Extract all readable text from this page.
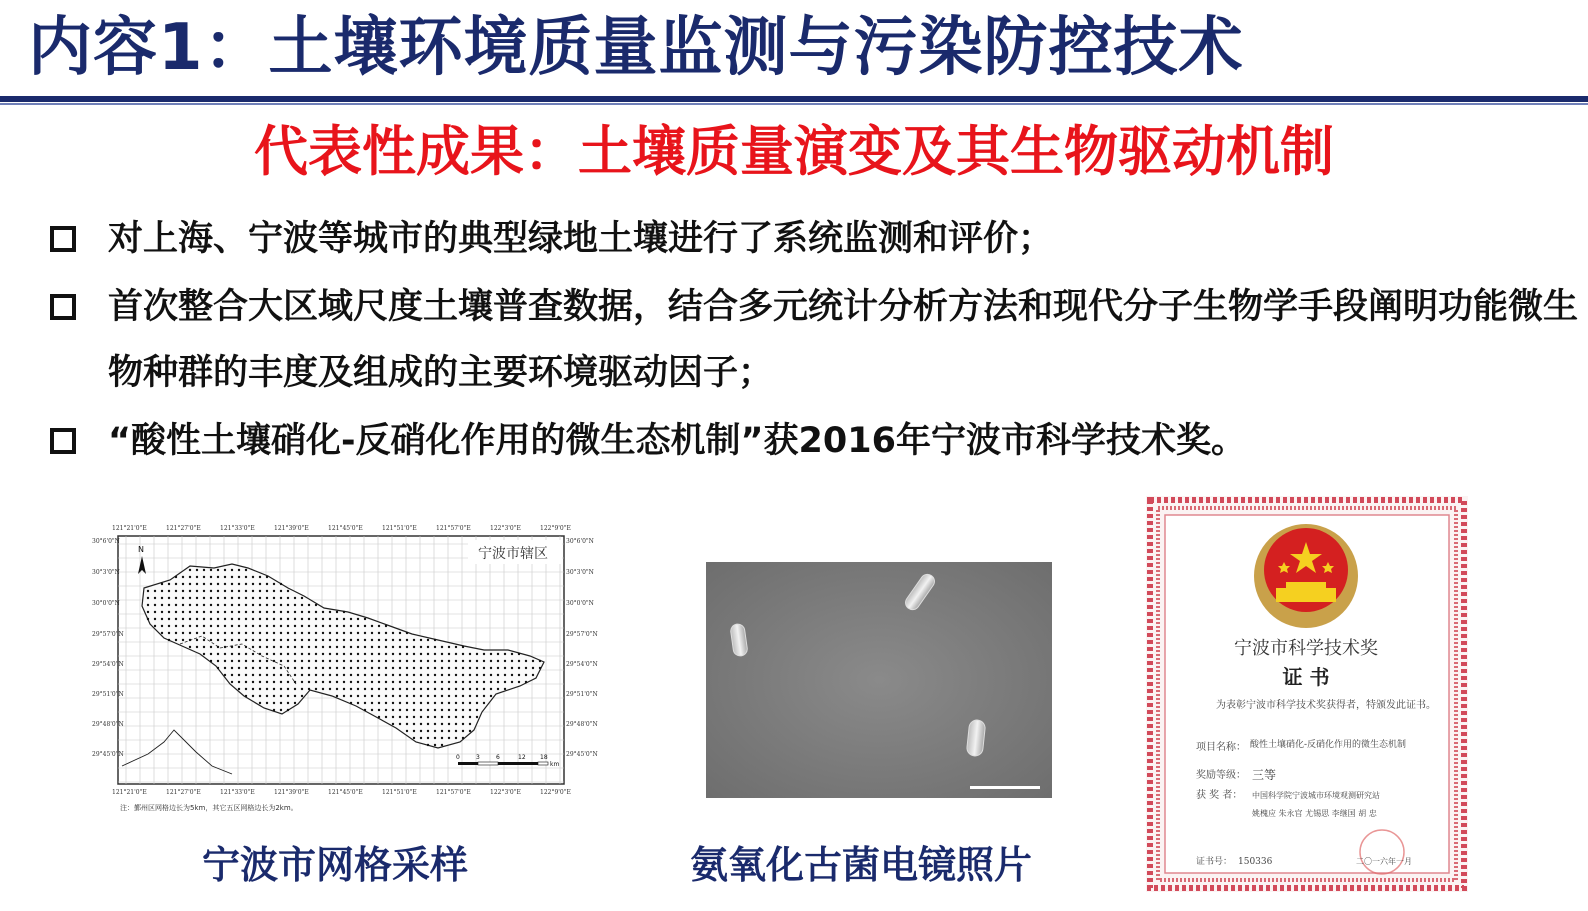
内容1：土壤环境质量监测与污染防控技术
代表性成果：土壤质量演变及其生物驱动机制
对上海、宁波等城市的典型绿地土壤进行了系统监测和评价；
首次整合大区域尺度土壤普查数据，结合多元统计分析方法和现代分子生物学手段阐明功能微生物种群的丰度及组成的主要环境驱动因子；
“酸性土壤硝化-反硝化作用的微生态机制”获2016年宁波市科学技术奖。
121°21'0"E	121°27'0"E	121°33'0"E	121°39'0"E	121°45'0"E	121°51'0"E	121°57'0"E	122°3'0"E	122°9'0"E
121°21'0"E	121°27'0"E	121°33'0"E	121°39'0"E	121°45'0"E	121°51'0"E	121°57'0"E	122°3'0"E	122°9'0"E
30°6'0"N
30°3'0"N
30°0'0"N
29°57'0"N
29°54'0"N
29°51'0"N
29°48'0"N
29°45'0"N
30°6'0"N
30°3'0"N
30°0'0"N
29°57'0"N
29°54'0"N
29°51'0"N
29°48'0"N
29°45'0"N
宁波市辖区
N
0	3	6	12 18
km
注：鄞州区网格边长为5km，其它五区网格边长为2km。
宁波市网格采样	氨氧化古菌电镜照片
宁波市科学技术奖
证 书
为表彰宁波市科学技术奖获得者，特颁发此证书。
项目名称： 酸性土壤硝化-反硝化作用的微生态机制
奖励等级： 三等
获 奖 者： 中国科学院宁波城市环境观测研究站
姚槐应 朱永官 尤锡思 李继国 胡 忠
证书号： 150336	二〇一六年一月
